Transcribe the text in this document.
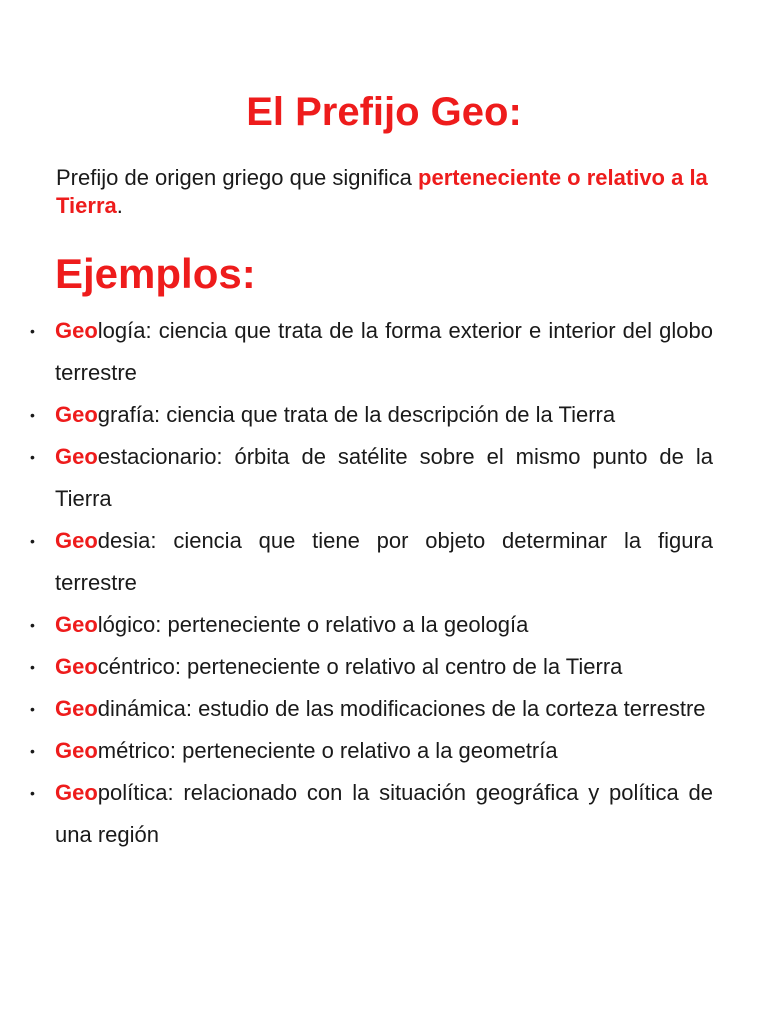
El Prefijo Geo:

Prefijo de origen griego que significa perteneciente o relativo a la Tierra.

Ejemplos:
• Geología: ciencia que trata de la forma exterior e interior del globo terrestre
• Geografía: ciencia que trata de la descripción de la Tierra
• Geoestacionario: órbita de satélite sobre el mismo punto de la Tierra
• Geodesia: ciencia que tiene por objeto determinar la figura terrestre
• Geológico: perteneciente o relativo a la geología
• Geocéntrico: perteneciente o relativo al centro de la Tierra
• Geodinámica: estudio de las modificaciones de la corteza terrestre
• Geométrico: perteneciente o relativo a la geometría
• Geopolítica: relacionado con la situación geográfica y política de una región
